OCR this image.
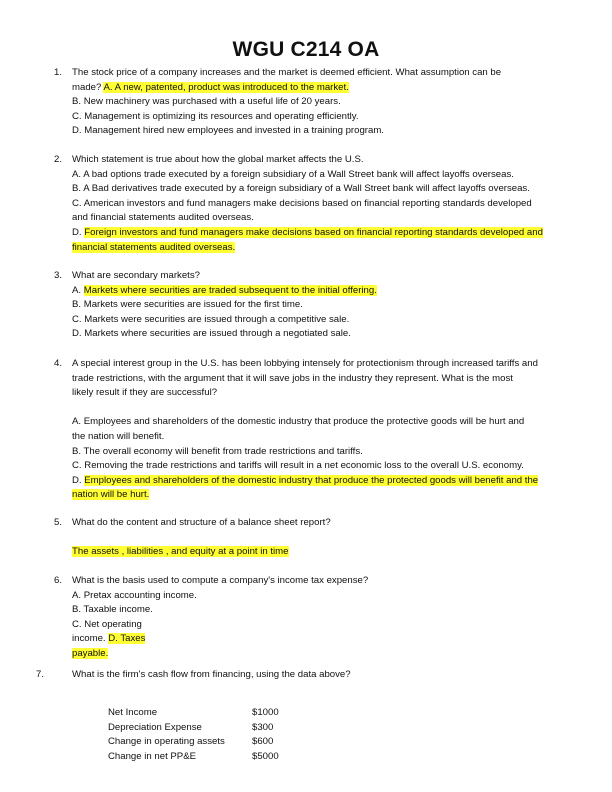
WGU C214 OA
1.	The stock price of a company increases and the market is deemed efficient. What assumption can be
made? A. A new, patented, product was introduced to the market.
B. New machinery was purchased with a useful life of 20 years.
C. Management is optimizing its resources and operating efficiently.
D. Management hired new employees and invested in a training program.
2.	Which statement is true about how the global market affects the U.S.
A. A bad options trade executed by a foreign subsidiary of a Wall Street bank will affect layoffs overseas.
B. A Bad derivatives trade executed by a foreign subsidiary of a Wall Street bank will affect layoffs overseas.
C. American investors and fund managers make decisions based on financial reporting standards developed
and financial statements audited overseas.
D. Foreign investors and fund managers make decisions based on financial reporting standards developed and
financial statements audited overseas.
3.	What are secondary markets?
A. Markets where securities are traded subsequent to the initial offering.
B. Markets were securities are issued for the first time.
C. Markets were securities are issued through a competitive sale.
D. Markets where securities are issued through a negotiated sale.
4.	A special interest group in the U.S. has been lobbying intensely for protectionism through increased tariffs and
trade restrictions, with the argument that it will save jobs in the industry they represent. What is the most
likely result if they are successful?
A. Employees and shareholders of the domestic industry that produce the protective goods will be hurt and
the nation will benefit.
B. The overall economy will benefit from trade restrictions and tariffs.
C. Removing the trade restrictions and tariffs will result in a net economic loss to the overall U.S. economy.
D. Employees and shareholders of the domestic industry that produce the protected goods will benefit and the
nation will be hurt.
5.	What do the content and structure of a balance sheet report?
The assets , liabilities , and equity at a point in time
6.	What is the basis used to compute a company's income tax expense?
A. Pretax accounting income.
B. Taxable income.
C. Net operating
income. D. Taxes
payable.
7.	What is the firm's cash flow from financing, using the data above?
Net Income	$1000
Depreciation Expense	$300
Change in operating assets	$600
Change in net PP&E	$5000
